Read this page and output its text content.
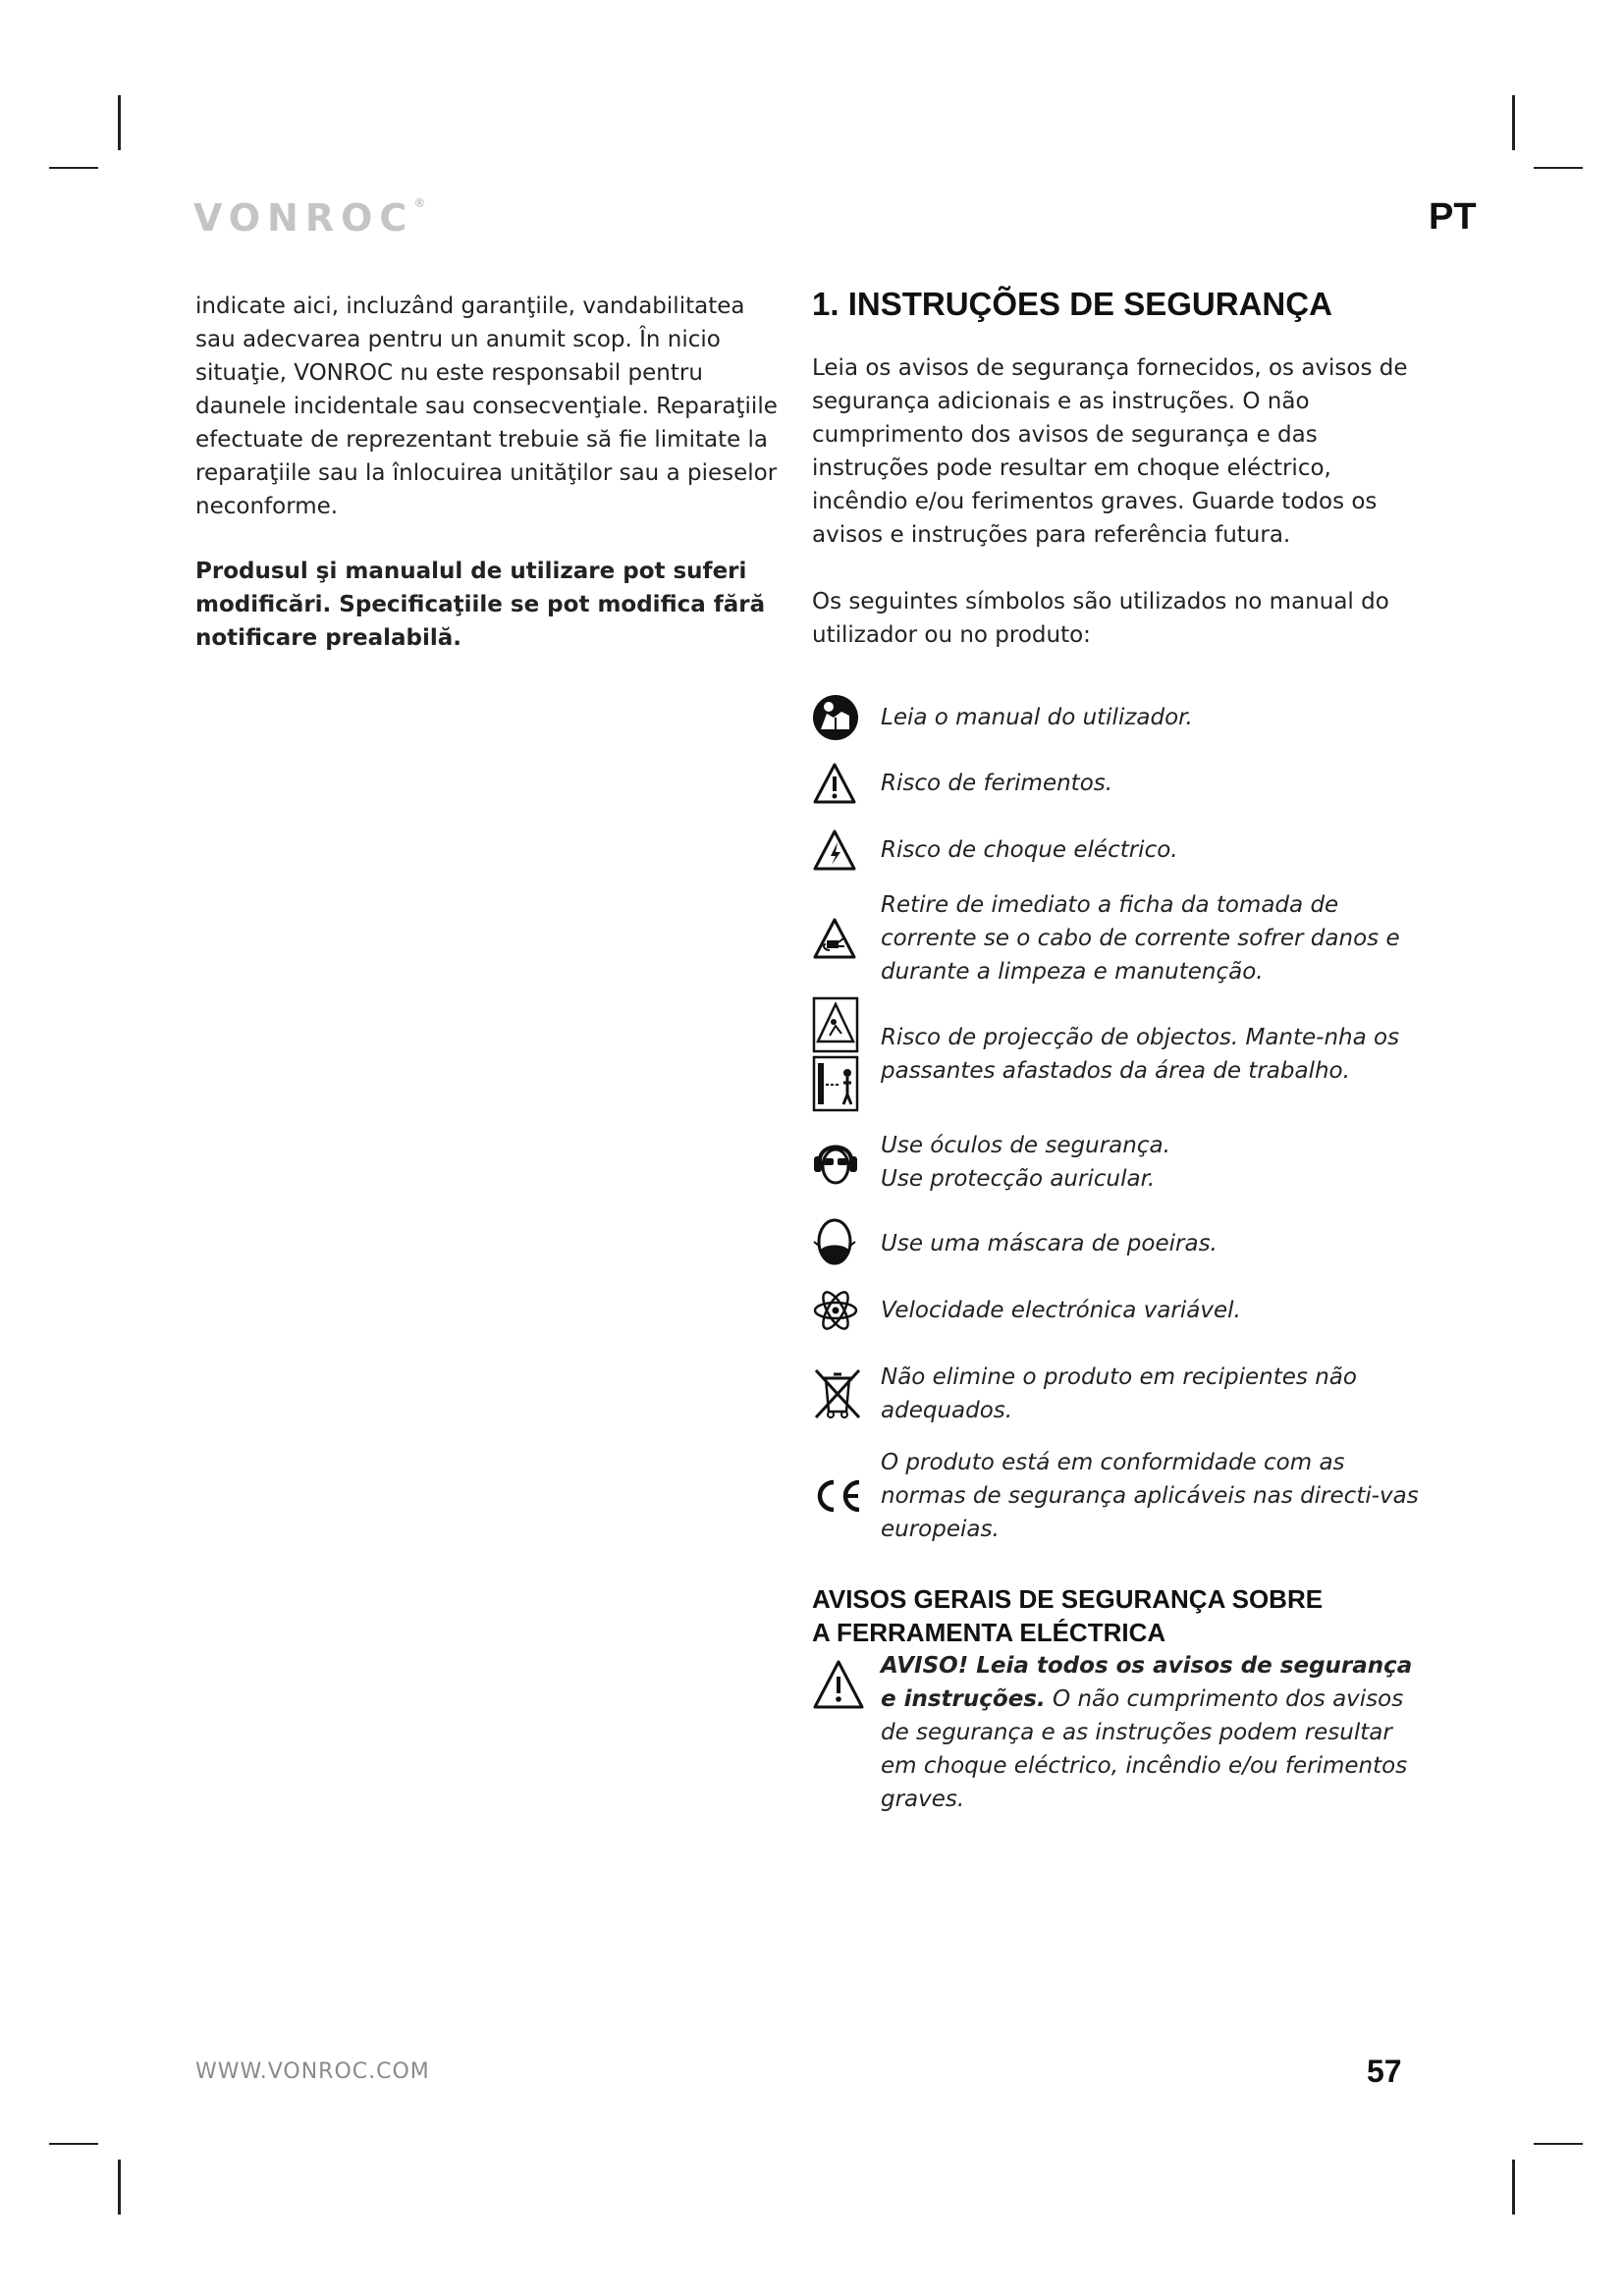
VONROC®	PT

indicate aici, incluzând garanţiile, vandabilitatea sau adecvarea pentru un anumit scop. În nicio situaţie, VONROC nu este responsabil pentru daunele incidentale sau consecvenţiale. Reparaţiile efectuate de reprezentant trebuie să fie limitate la reparaţiile sau la înlocuirea unităţilor sau a pieselor neconforme.

Produsul şi manualul de utilizare pot suferi modificări. Specificaţiile se pot modifica fără notificare prealabilă.

1. INSTRUÇÕES DE SEGURANÇA

Leia os avisos de segurança fornecidos, os avisos de segurança adicionais e as instruções. O não cumprimento dos avisos de segurança e das instruções pode resultar em choque eléctrico, incêndio e/ou ferimentos graves. Guarde todos os avisos e instruções para referência futura.

Os seguintes símbolos são utilizados no manual do utilizador ou no produto:

Leia o manual do utilizador.
Risco de ferimentos.
Risco de choque eléctrico.
Retire de imediato a ficha da tomada de corrente se o cabo de corrente sofrer danos e durante a limpeza e manutenção.
Risco de projecção de objectos. Mante-nha os passantes afastados da área de trabalho.
Use óculos de segurança.
Use protecção auricular.
Use uma máscara de poeiras.
Velocidade electrónica variável.
Não elimine o produto em recipientes não adequados.
O produto está em conformidade com as normas de segurança aplicáveis nas directi-vas europeias.
AVISOS GERAIS DE SEGURANÇA SOBRE
A FERRAMENTA ELÉCTRICA
AVISO! Leia todos os avisos de segurança e instruções. O não cumprimento dos avisos de segurança e as instruções podem resultar em choque eléctrico, incêndio e/ou ferimentos graves.
WWW.VONROC.COM	57
